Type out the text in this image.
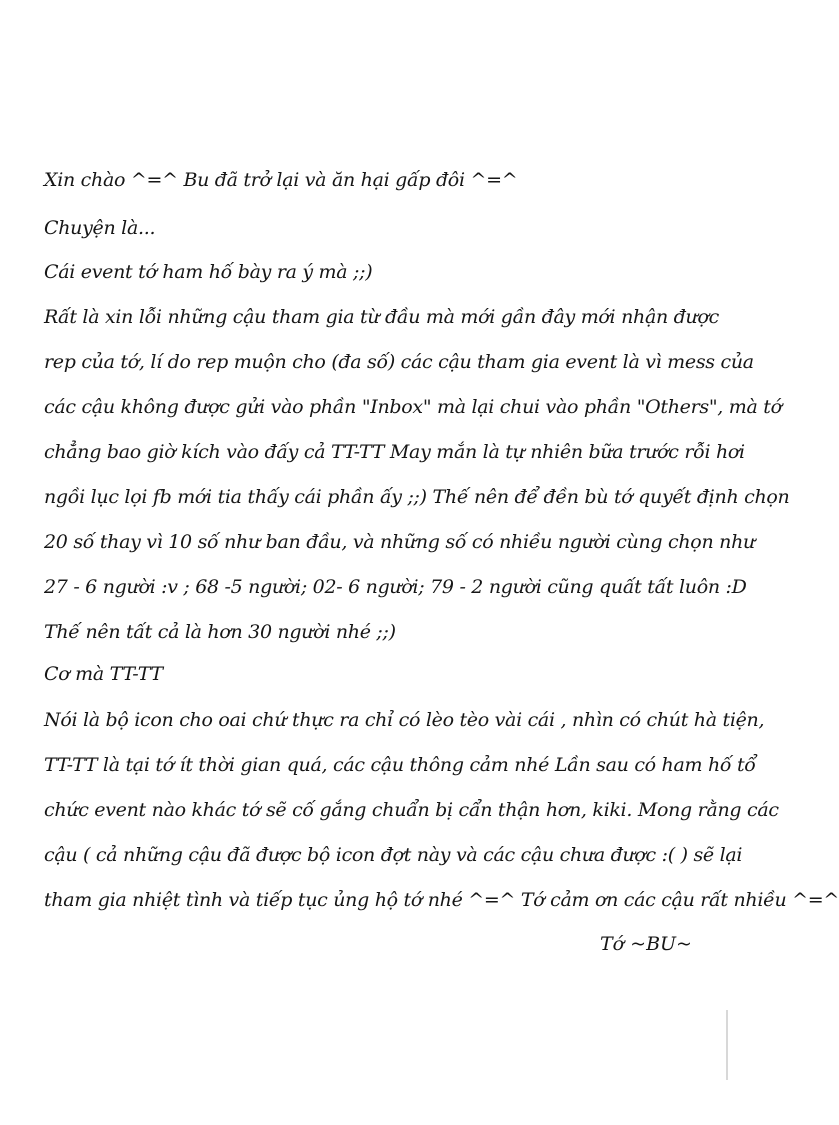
Xin chào ^=^ Bu đã trở lại và ăn hại gấp đôi ^=^
Chuyện là...
Cái event tớ ham hố bày ra ý mà ;;)
Rất là xin lỗi những cậu tham gia từ đầu mà mới gần đây mới nhận được
rep của tớ, lí do rep muộn cho (đa số) các cậu tham gia event là vì mess của
các cậu không được gửi vào phần "Inbox" mà lại chui vào phần "Others", mà tớ
chẳng bao giờ kích vào đấy cả TT-TT May mắn là tự nhiên bữa trước rỗi hơi
ngồi lục lọi fb mới tia thấy cái phần ấy ;;) Thế nên để đền bù tớ quyết định chọn
20 số thay vì 10 số như ban đầu, và những số có nhiều người cùng chọn như
27 - 6 người :v ; 68 -5 người; 02- 6 người; 79 - 2 người cũng quất tất luôn :D
Thế nên tất cả là hơn 30 người nhé ;;)
Cơ mà TT-TT
Nói là bộ icon cho oai chứ thực ra chỉ có lèo tèo vài cái , nhìn có chút hà tiện,
TT-TT là tại tớ ít thời gian quá, các cậu thông cảm nhé Lần sau có ham hố tổ
chức event nào khác tớ sẽ cố gắng chuẩn bị cẩn thận hơn, kiki. Mong rằng các
cậu ( cả những cậu đã được bộ icon đợt này và các cậu chưa được :( ) sẽ lại
tham gia nhiệt tình và tiếp tục ủng hộ tớ nhé ^=^ Tớ cảm ơn các cậu rất nhiều ^=^
Tớ ~BU~
